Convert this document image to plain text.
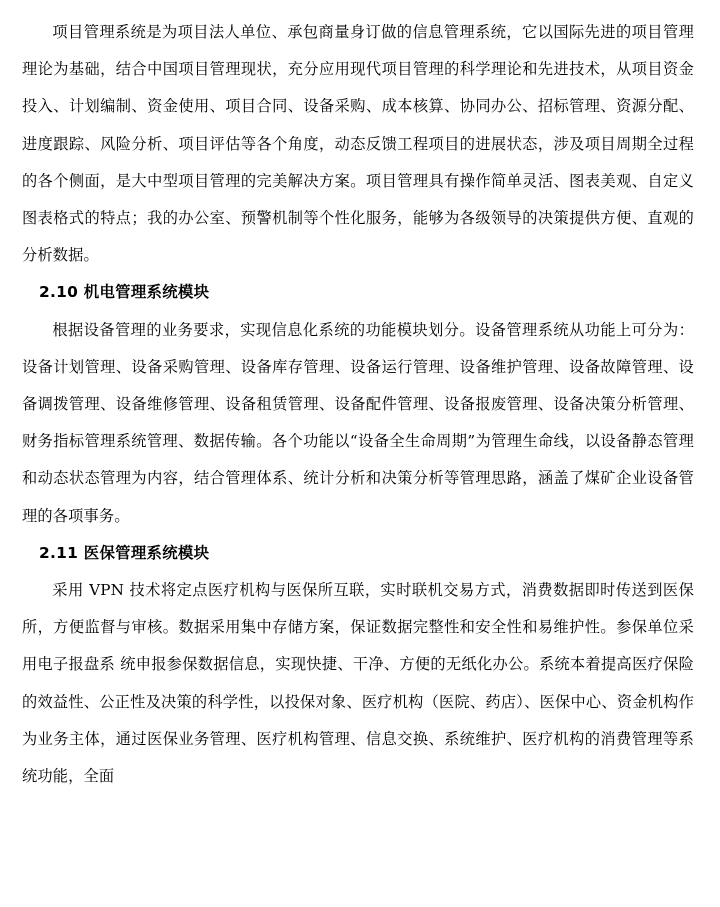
项目管理系统是为项目法人单位、承包商量身订做的信息管理系统，它以国际先进的项目管理理论为基础，结合中国项目管理现状，充分应用现代项目管理的科学理论和先进技术，从项目资金投入、计划编制、资金使用、项目合同、设备采购、成本核算、协同办公、招标管理、资源分配、进度跟踪、风险分析、项目评估等各个角度，动态反馈工程项目的进展状态，涉及项目周期全过程的各个侧面，是大中型项目管理的完美解决方案。项目管理具有操作简单灵活、图表美观、自定义图表格式的特点；我的办公室、预警机制等个性化服务，能够为各级领导的决策提供方便、直观的分析数据。

2.10 机电管理系统模块

根据设备管理的业务要求，实现信息化系统的功能模块划分。设备管理系统从功能上可分为：设备计划管理、设备采购管理、设备库存管理、设备运行管理、设备维护管理、设备故障管理、设备调拨管理、设备维修管理、设备租赁管理、设备配件管理、设备报废管理、设备决策分析管理、财务指标管理系统管理、数据传输。各个功能以“设备全生命周期”为管理生命线，以设备静态管理和动态状态管理为内容，结合管理体系、统计分析和决策分析等管理思路，涵盖了煤矿企业设备管理的各项事务。

2.11 医保管理系统模块

采用 VPN 技术将定点医疗机构与医保所互联，实时联机交易方式，消费数据即时传送到医保所，方便监督与审核。数据采用集中存储方案，保证数据完整性和安全性和易维护性。参保单位采用电子报盘系 统申报参保数据信息，实现快捷、干净、方便的无纸化办公。系统本着提高医疗保险的效益性、公正性及决策的科学性，以投保对象、医疗机构（医院、药店）、医保中心、资金机构作为业务主体，通过医保业务管理、医疗机构管理、信息交换、系统维护、医疗机构的消费管理等系统功能，全面
